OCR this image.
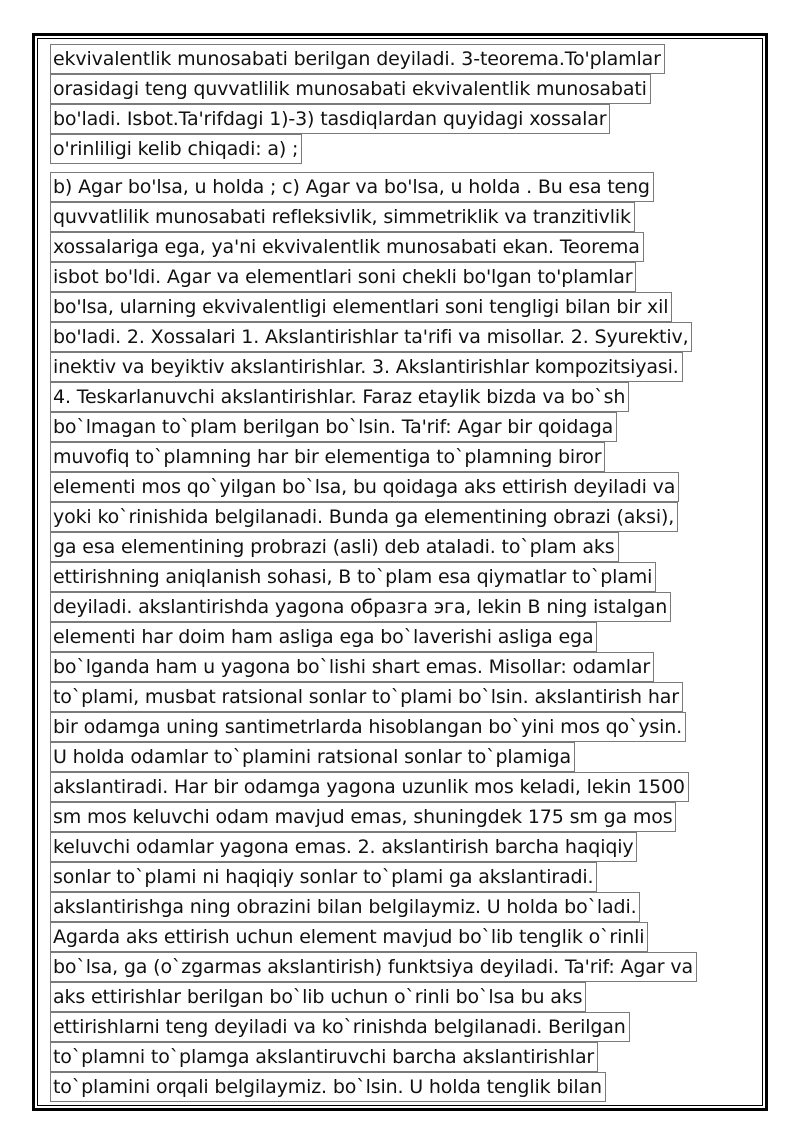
ekvivalentlik munosabati berilgan deyiladi. 3-teorema.To'plamlar
orasidagi teng quvvatlilik munosabati ekvivalentlik munosabati
bo'ladi. Isbot.Ta'rifdagi 1)-3) tasdiqlardan quyidagi xossalar
o'rinliligi kelib chiqadi: a) ;
b) Agar bo'lsa, u holda ; c) Agar va bo'lsa, u holda . Bu esa teng
quvvatlilik munosabati refleksivlik, simmetriklik va tranzitivlik
xossalariga ega, ya'ni ekvivalentlik munosabati ekan. Teorema
isbot bo'ldi. Agar va elementlari soni chekli bo'lgan to'plamlar
bo'lsa, ularning ekvivalentligi elementlari soni tengligi bilan bir xil
bo'ladi. 2. Xossalari 1. Akslantirishlar ta'rifi va misollar. 2. Syurektiv,
inektiv va beyiktiv akslantirishlar. 3. Akslantirishlar kompozitsiyasi.
4. Teskarlanuvchi akslantirishlar. Faraz etaylik bizda va bo`sh
bo`lmagan to`plam berilgan bo`lsin. Ta'rif: Agar bir qoidaga
muvofiq to`plamning har bir elementiga to`plamning biror
elementi mos qo`yilgan bo`lsa, bu qoidaga aks ettirish deyiladi va
yoki ko`rinishida belgilanadi. Bunda ga elementining obrazi (aksi),
ga esa elementining probrazi (asli) deb ataladi. to`plam aks
ettirishning aniqlanish sohasi, B to`plam esa qiymatlar to`plami
deyiladi. akslantirishda yagona образга эга, lekin B ning istalgan
elementi har doim ham asliga ega bo`laverishi asliga ega
bo`lganda ham u yagona bo`lishi shart emas. Misollar: odamlar
to`plami, musbat ratsional sonlar to`plami bo`lsin. akslantirish har
bir odamga uning santimetrlarda hisoblangan bo`yini mos qo`ysin.
U holda odamlar to`plamini ratsional sonlar to`plamiga
akslantiradi. Har bir odamga yagona uzunlik mos keladi, lekin 1500
sm mos keluvchi odam mavjud emas, shuningdek 175 sm ga mos
keluvchi odamlar yagona emas. 2. akslantirish barcha haqiqiy
sonlar to`plami ni haqiqiy sonlar to`plami ga akslantiradi.
akslantirishga ning obrazini bilan belgilaymiz. U holda bo`ladi.
Agarda aks ettirish uchun element mavjud bo`lib tenglik o`rinli
bo`lsa, ga (o`zgarmas akslantirish) funktsiya deyiladi. Ta'rif: Agar va
aks ettirishlar berilgan bo`lib uchun o`rinli bo`lsa bu aks
ettirishlarni teng deyiladi va ko`rinishda belgilanadi. Berilgan
to`plamni to`plamga akslantiruvchi barcha akslantirishlar
to`plamini orqali belgilaymiz. bo`lsin. U holda tenglik bilan
